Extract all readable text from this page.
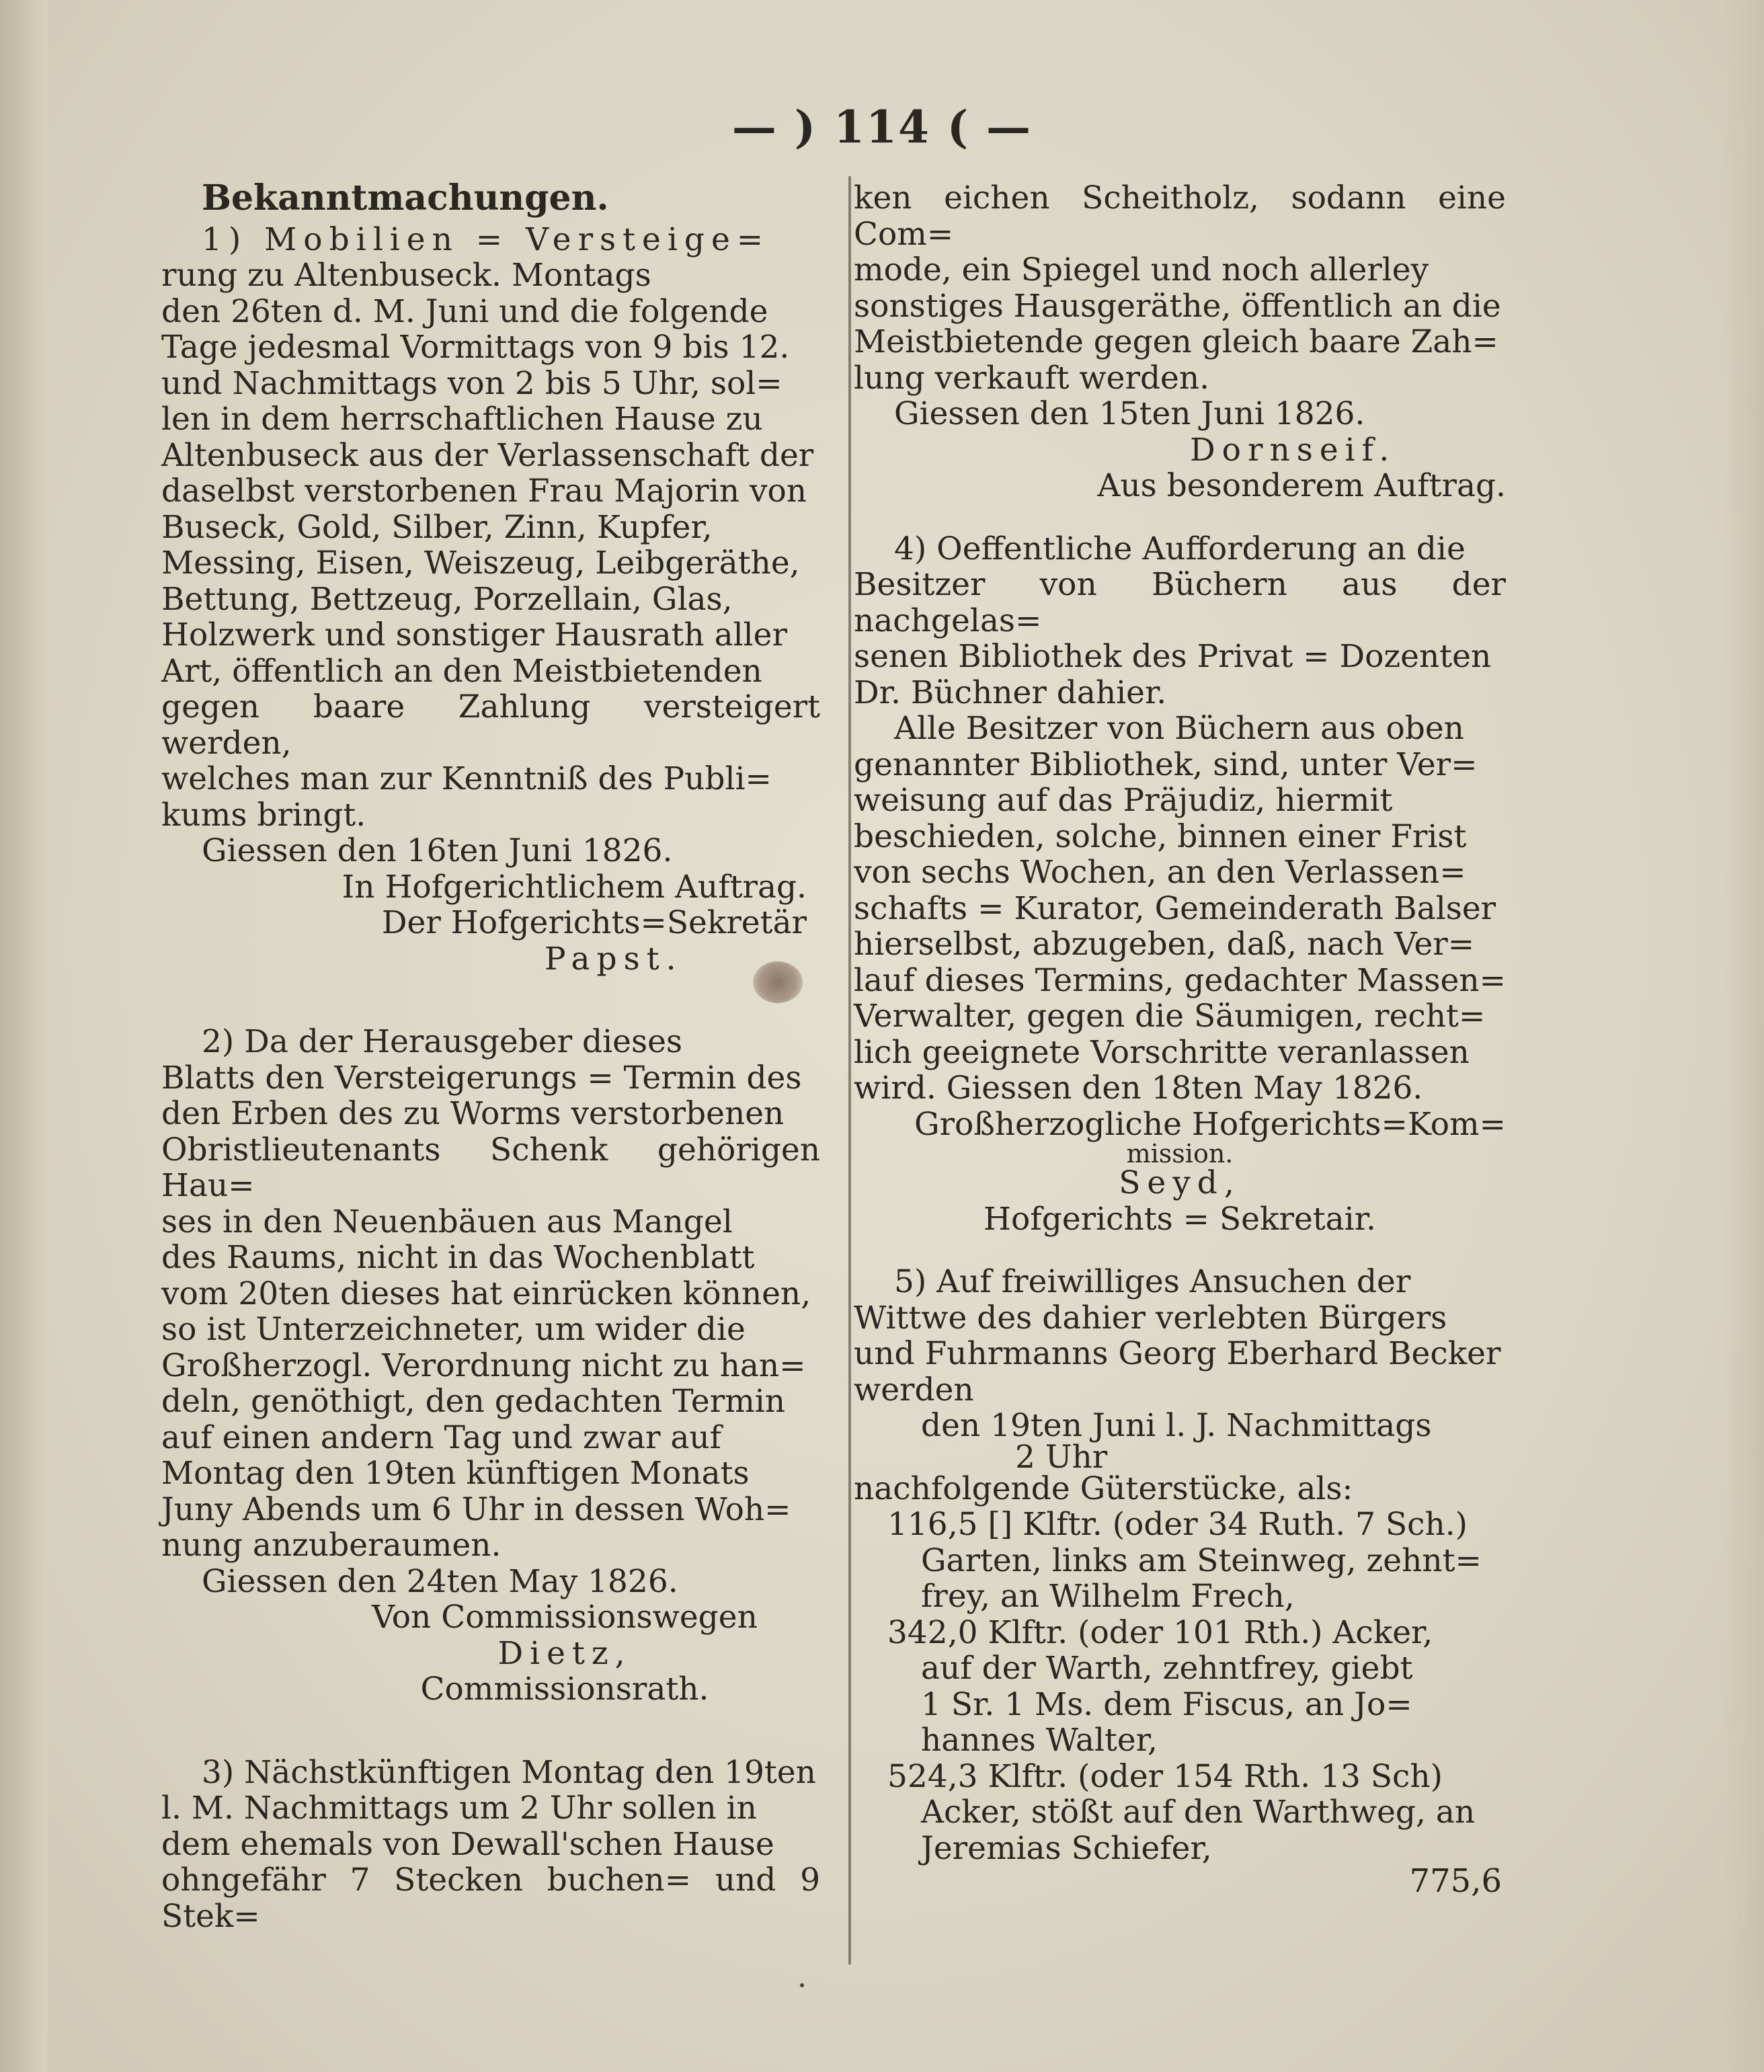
— ) 114 ( —

Bekanntmachungen.

1) Mobilien = Versteige=

rung zu Altenbuseck. Montags

den 26ten d. M. Juni und die folgende

Tage jedesmal Vormittags von 9 bis 12.

und Nachmittags von 2 bis 5 Uhr, sol=

len in dem herrschaftlichen Hause zu

Altenbuseck aus der Verlassenschaft der

daselbst verstorbenen Frau Majorin von

Buseck, Gold, Silber, Zinn, Kupfer,

Messing, Eisen, Weiszeug, Leibgeräthe,

Bettung, Bettzeug, Porzellain, Glas,

Holzwerk und sonstiger Hausrath aller

Art, öffentlich an den Meistbietenden

gegen baare Zahlung versteigert werden,

welches man zur Kenntniß des Publi=

kums bringt.

Giessen den 16ten Juni 1826.

In Hofgerichtlichem Auftrag.

Der Hofgerichts=Sekretär

Papst.

2) Da der Herausgeber dieses

Blatts den Versteigerungs = Termin des

den Erben des zu Worms verstorbenen

Obristlieutenants Schenk gehörigen Hau=

ses in den Neuenbäuen aus Mangel

des Raums, nicht in das Wochenblatt

vom 20ten dieses hat einrücken können,

so ist Unterzeichneter, um wider die

Großherzogl. Verordnung nicht zu han=

deln, genöthigt, den gedachten Termin

auf einen andern Tag und zwar auf

Montag den 19ten künftigen Monats

Juny Abends um 6 Uhr in dessen Woh=

nung anzuberaumen.

Giessen den 24ten May 1826.

Von Commissionswegen

Dietz,

Commissionsrath.

3) Nächstkünftigen Montag den 19ten

l. M. Nachmittags um 2 Uhr sollen in

dem ehemals von Dewall'schen Hause

ohngefähr 7 Stecken buchen= und 9 Stek=

ken eichen Scheitholz, sodann eine Com=

mode, ein Spiegel und noch allerley

sonstiges Hausgeräthe, öffentlich an die

Meistbietende gegen gleich baare Zah=

lung verkauft werden.

Giessen den 15ten Juni 1826.

Dornseif.

Aus besonderem Auftrag.

4) Oeffentliche Aufforderung an die

Besitzer von Büchern aus der nachgelas=

senen Bibliothek des Privat = Dozenten

Dr. Büchner dahier.

Alle Besitzer von Büchern aus oben

genannter Bibliothek, sind, unter Ver=

weisung auf das Präjudiz, hiermit

beschieden, solche, binnen einer Frist

von sechs Wochen, an den Verlassen=

schafts = Kurator, Gemeinderath Balser

hierselbst, abzugeben, daß, nach Ver=

lauf dieses Termins, gedachter Massen=

Verwalter, gegen die Säumigen, recht=

lich geeignete Vorschritte veranlassen

wird. Giessen den 18ten May 1826.

Großherzogliche Hofgerichts=Kom=

mission.

Seyd,

Hofgerichts = Sekretair.

5) Auf freiwilliges Ansuchen der

Wittwe des dahier verlebten Bürgers

und Fuhrmanns Georg Eberhard Becker

werden

den 19ten Juni l. J. Nachmittags

2 Uhr

nachfolgende Güterstücke, als:

116,5 [] Klftr. (oder 34 Ruth. 7 Sch.)

Garten, links am Steinweg, zehnt=

frey, an Wilhelm Frech,

342,0 Klftr. (oder 101 Rth.) Acker,

auf der Warth, zehntfrey, giebt

1 Sr. 1 Ms. dem Fiscus, an Jo=

hannes Walter,

524,3 Klftr. (oder 154 Rth. 13 Sch)

Acker, stößt auf den Warthweg, an

Jeremias Schiefer,

775,6
